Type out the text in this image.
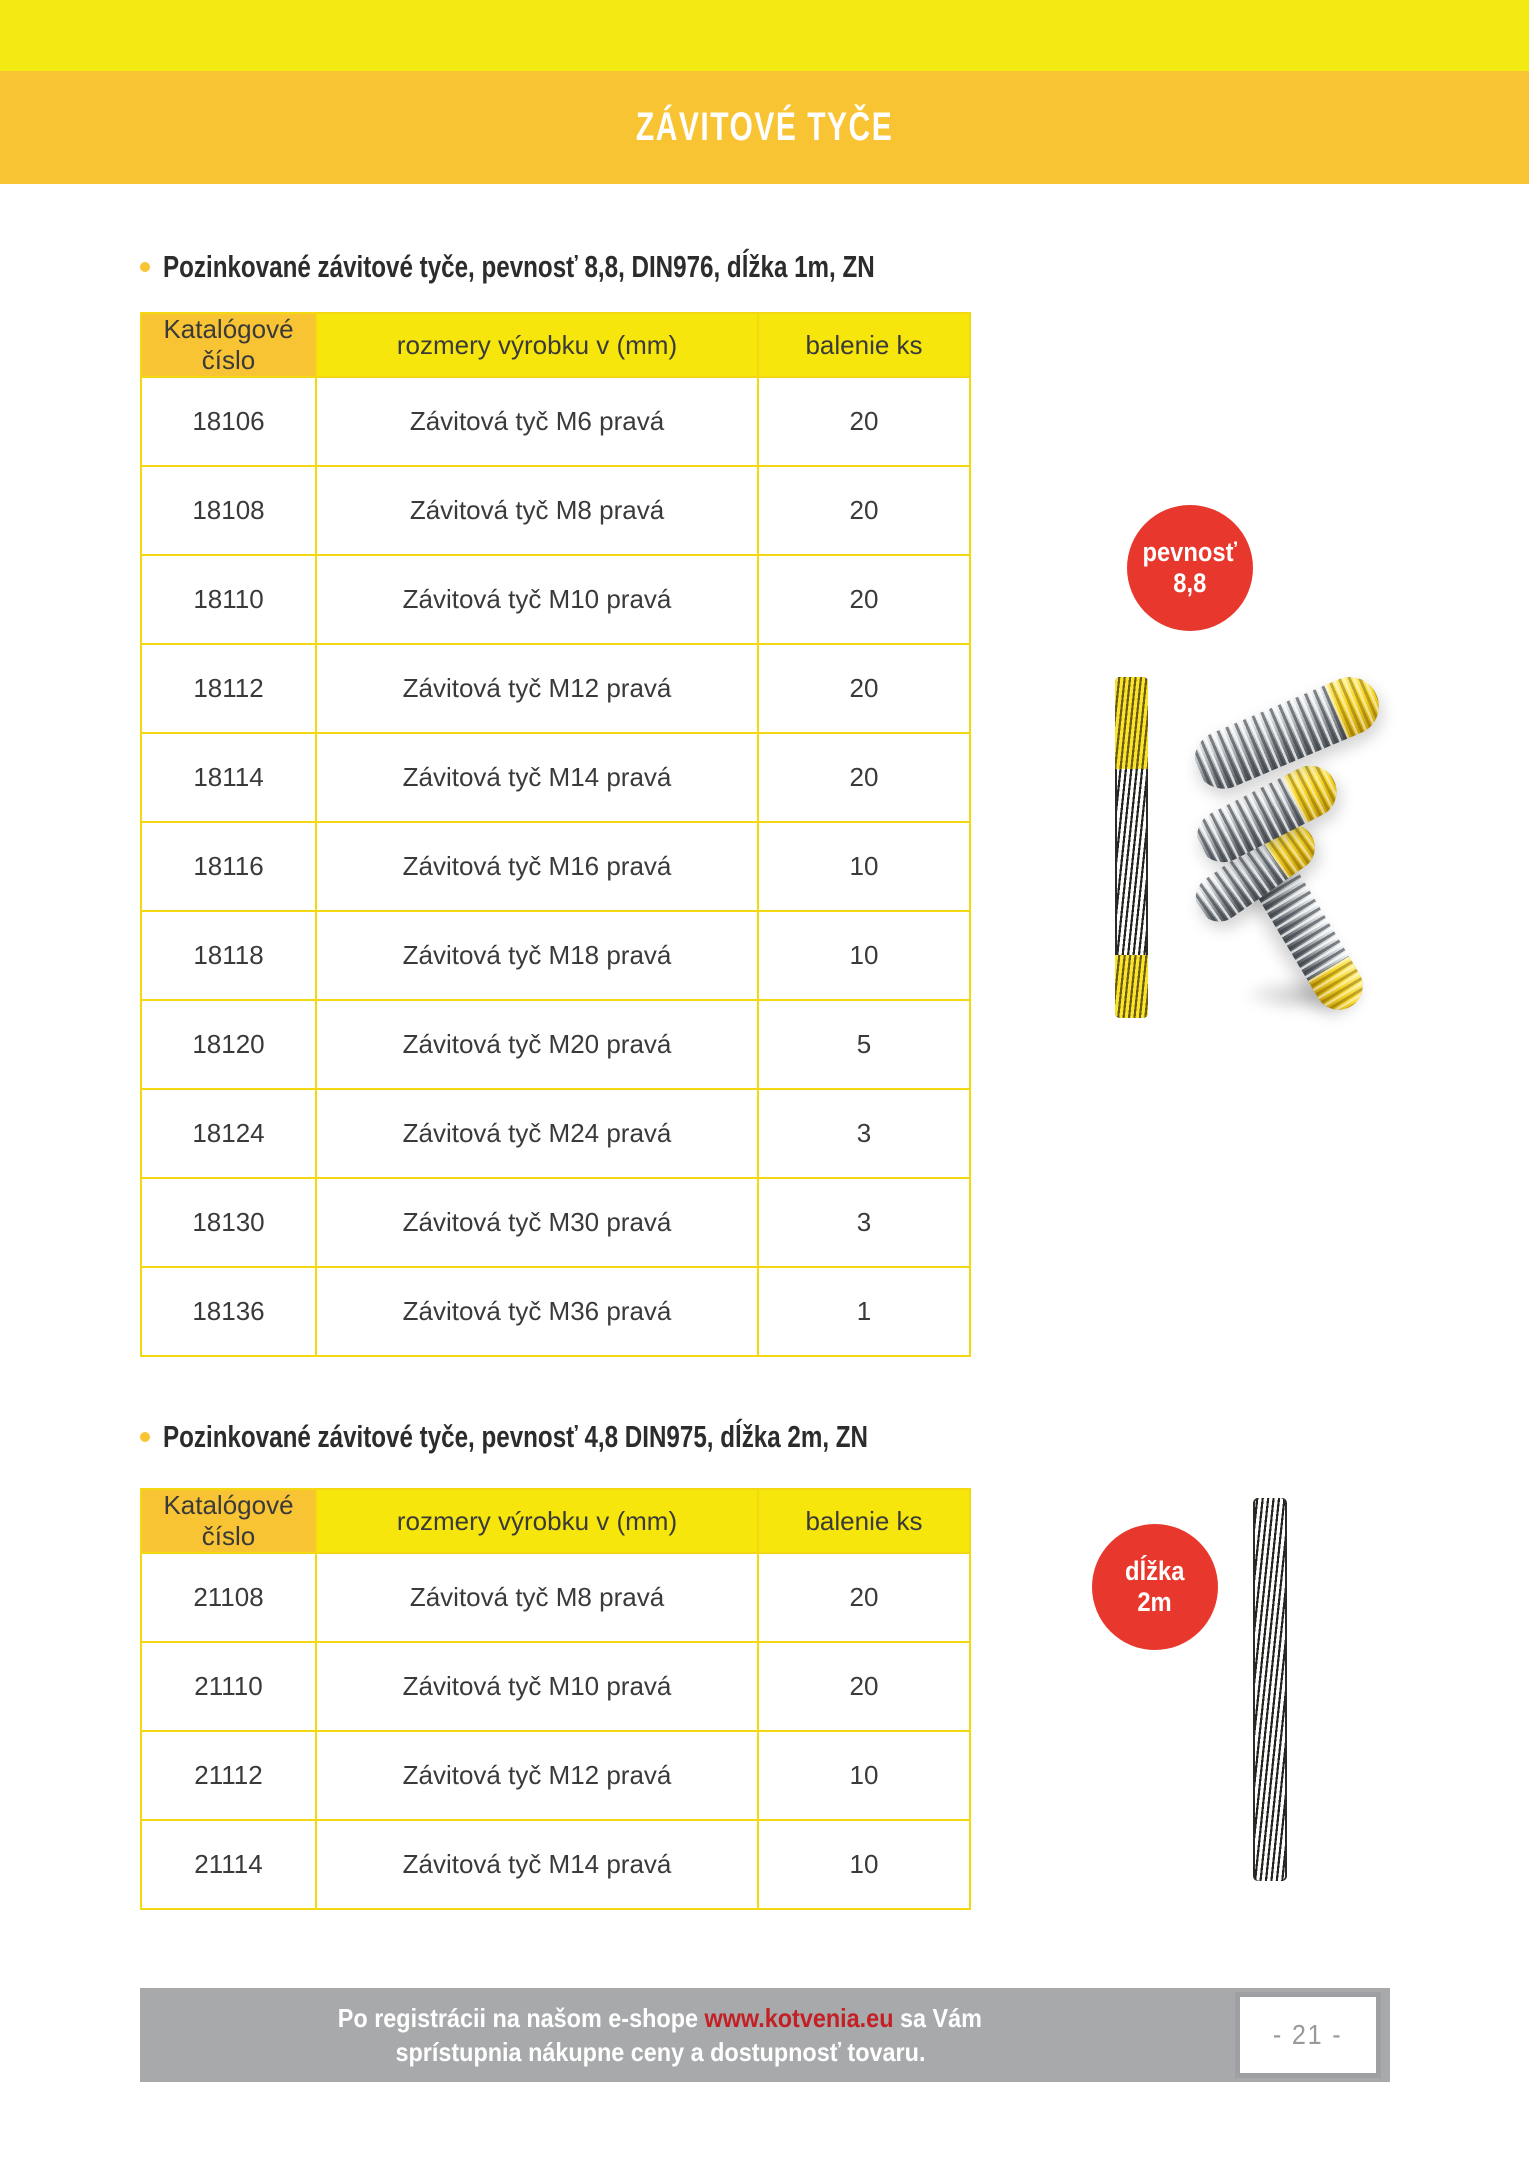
ZÁVITOVÉ TYČE
Pozinkované závitové tyče, pevnosť 8,8, DIN976, dĺžka 1m, ZN
Katalógové číslo	rozmery výrobku v (mm)	balenie ks
18106	Závitová tyč M6 pravá	20
18108	Závitová tyč M8 pravá	20
18110	Závitová tyč M10 pravá	20
18112	Závitová tyč M12 pravá	20
18114	Závitová tyč M14 pravá	20
18116	Závitová tyč M16 pravá	10
18118	Závitová tyč M18 pravá	10
18120	Závitová tyč M20 pravá	5
18124	Závitová tyč M24 pravá	3
18130	Závitová tyč M30 pravá	3
18136	Závitová tyč M36 pravá	1
pevnosť
8,8
Pozinkované závitové tyče, pevnosť 4,8 DIN975, dĺžka 2m, ZN
Katalógové číslo	rozmery výrobku v (mm)	balenie ks
21108	Závitová tyč M8 pravá	20
21110	Závitová tyč M10 pravá	20
21112	Závitová tyč M12 pravá	10
21114	Závitová tyč M14 pravá	10
dĺžka
2m
Po registrácii na našom e-shope www.kotvenia.eu sa Vám
sprístupnia nákupne ceny a dostupnosť tovaru.
- 21 -
